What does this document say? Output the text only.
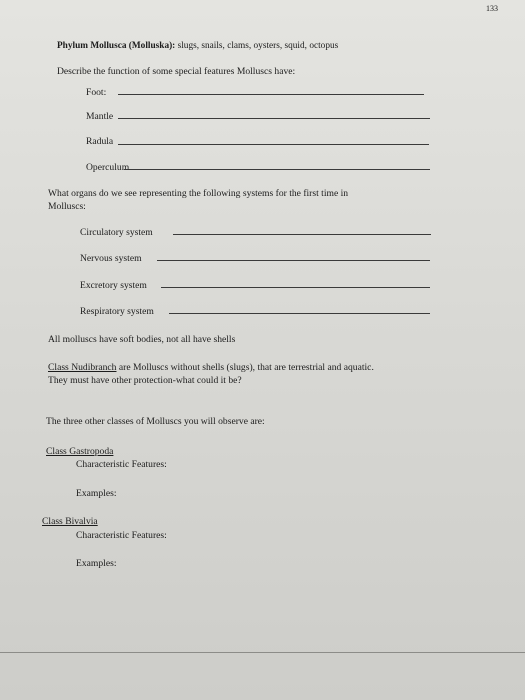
133
Phylum Mollusca (Molluska): slugs, snails, clams, oysters, squid, octopus
Describe the function of some special features Molluscs have:
Foot:
Mantle
Radula
Operculum
What organs do we see representing the following systems for the first time in
Molluscs:
Circulatory system
Nervous system
Excretory system
Respiratory system
All molluscs have soft bodies, not all have shells
Class Nudibranch are Molluscs without shells (slugs), that are terrestrial and aquatic.
They must have other protection-what could it be?
The three other classes of Molluscs you will observe are:
Class Gastropoda
Characteristic Features:
Examples:
Class Bivalvia
Characteristic Features:
Examples:
